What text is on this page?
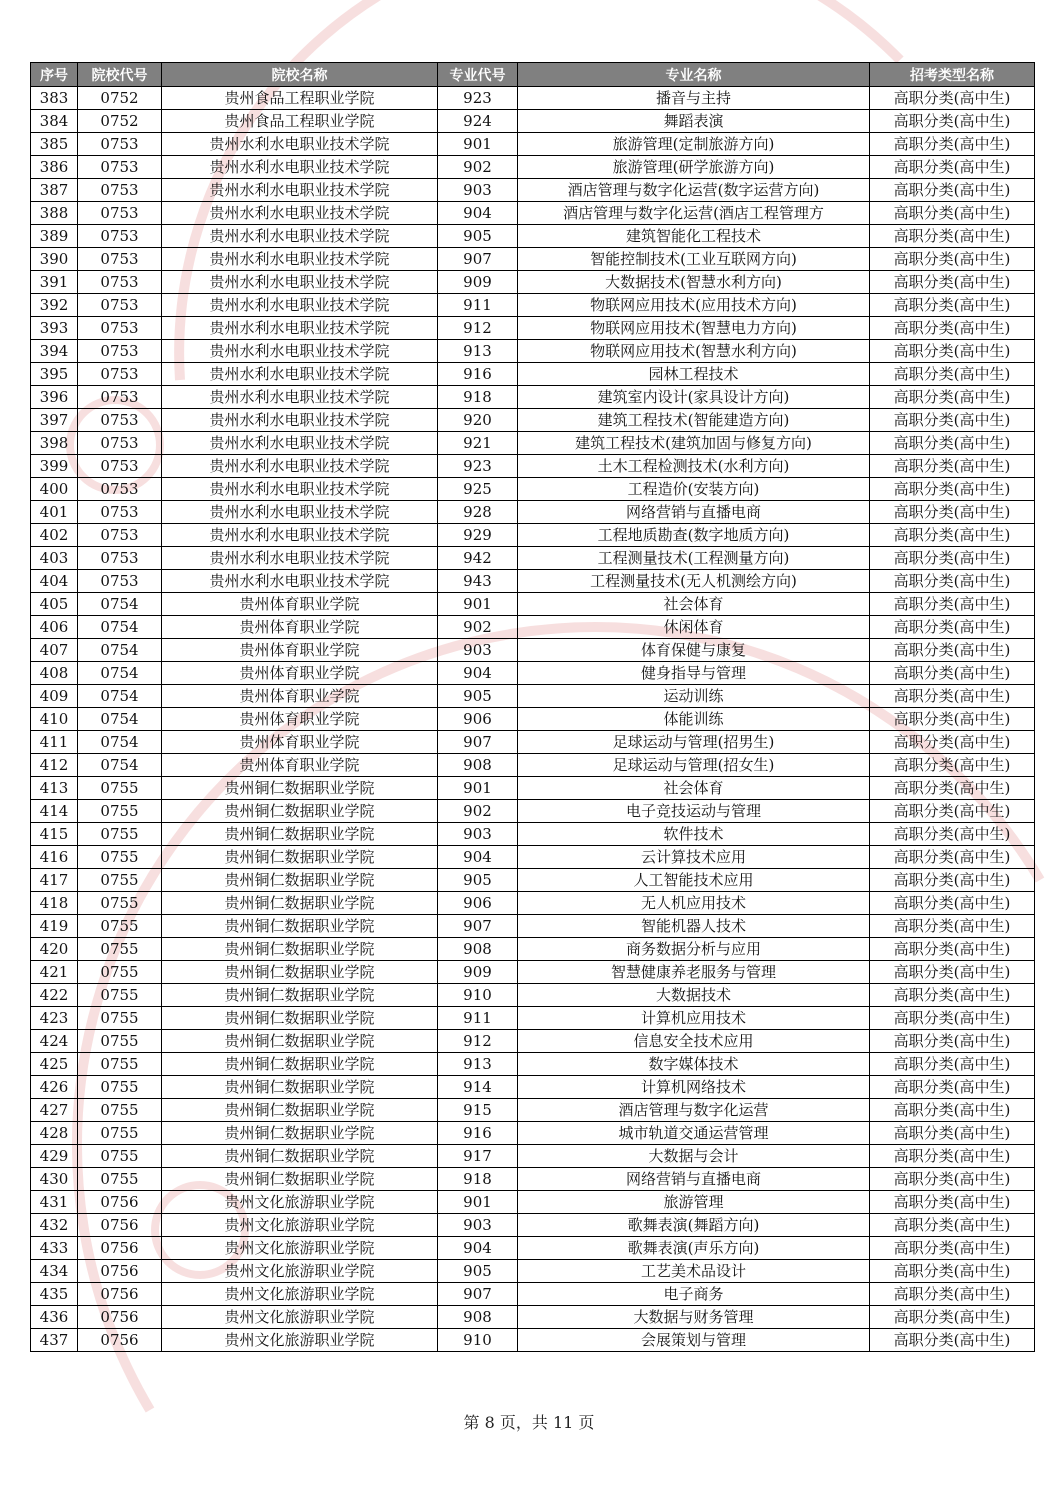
序号	院校代号	院校名称	专业代号	专业名称	招考类型名称
383	0752	贵州食品工程职业学院	923	播音与主持	高职分类(高中生)
384	0752	贵州食品工程职业学院	924	舞蹈表演	高职分类(高中生)
385	0753	贵州水利水电职业技术学院	901	旅游管理(定制旅游方向)	高职分类(高中生)
386	0753	贵州水利水电职业技术学院	902	旅游管理(研学旅游方向)	高职分类(高中生)
387	0753	贵州水利水电职业技术学院	903	酒店管理与数字化运营(数字运营方向)	高职分类(高中生)
388	0753	贵州水利水电职业技术学院	904	酒店管理与数字化运营(酒店工程管理方	高职分类(高中生)
389	0753	贵州水利水电职业技术学院	905	建筑智能化工程技术	高职分类(高中生)
390	0753	贵州水利水电职业技术学院	907	智能控制技术(工业互联网方向)	高职分类(高中生)
391	0753	贵州水利水电职业技术学院	909	大数据技术(智慧水利方向)	高职分类(高中生)
392	0753	贵州水利水电职业技术学院	911	物联网应用技术(应用技术方向)	高职分类(高中生)
393	0753	贵州水利水电职业技术学院	912	物联网应用技术(智慧电力方向)	高职分类(高中生)
394	0753	贵州水利水电职业技术学院	913	物联网应用技术(智慧水利方向)	高职分类(高中生)
395	0753	贵州水利水电职业技术学院	916	园林工程技术	高职分类(高中生)
396	0753	贵州水利水电职业技术学院	918	建筑室内设计(家具设计方向)	高职分类(高中生)
397	0753	贵州水利水电职业技术学院	920	建筑工程技术(智能建造方向)	高职分类(高中生)
398	0753	贵州水利水电职业技术学院	921	建筑工程技术(建筑加固与修复方向)	高职分类(高中生)
399	0753	贵州水利水电职业技术学院	923	土木工程检测技术(水利方向)	高职分类(高中生)
400	0753	贵州水利水电职业技术学院	925	工程造价(安装方向)	高职分类(高中生)
401	0753	贵州水利水电职业技术学院	928	网络营销与直播电商	高职分类(高中生)
402	0753	贵州水利水电职业技术学院	929	工程地质勘查(数字地质方向)	高职分类(高中生)
403	0753	贵州水利水电职业技术学院	942	工程测量技术(工程测量方向)	高职分类(高中生)
404	0753	贵州水利水电职业技术学院	943	工程测量技术(无人机测绘方向)	高职分类(高中生)
405	0754	贵州体育职业学院	901	社会体育	高职分类(高中生)
406	0754	贵州体育职业学院	902	休闲体育	高职分类(高中生)
407	0754	贵州体育职业学院	903	体育保健与康复	高职分类(高中生)
408	0754	贵州体育职业学院	904	健身指导与管理	高职分类(高中生)
409	0754	贵州体育职业学院	905	运动训练	高职分类(高中生)
410	0754	贵州体育职业学院	906	体能训练	高职分类(高中生)
411	0754	贵州体育职业学院	907	足球运动与管理(招男生)	高职分类(高中生)
412	0754	贵州体育职业学院	908	足球运动与管理(招女生)	高职分类(高中生)
413	0755	贵州铜仁数据职业学院	901	社会体育	高职分类(高中生)
414	0755	贵州铜仁数据职业学院	902	电子竞技运动与管理	高职分类(高中生)
415	0755	贵州铜仁数据职业学院	903	软件技术	高职分类(高中生)
416	0755	贵州铜仁数据职业学院	904	云计算技术应用	高职分类(高中生)
417	0755	贵州铜仁数据职业学院	905	人工智能技术应用	高职分类(高中生)
418	0755	贵州铜仁数据职业学院	906	无人机应用技术	高职分类(高中生)
419	0755	贵州铜仁数据职业学院	907	智能机器人技术	高职分类(高中生)
420	0755	贵州铜仁数据职业学院	908	商务数据分析与应用	高职分类(高中生)
421	0755	贵州铜仁数据职业学院	909	智慧健康养老服务与管理	高职分类(高中生)
422	0755	贵州铜仁数据职业学院	910	大数据技术	高职分类(高中生)
423	0755	贵州铜仁数据职业学院	911	计算机应用技术	高职分类(高中生)
424	0755	贵州铜仁数据职业学院	912	信息安全技术应用	高职分类(高中生)
425	0755	贵州铜仁数据职业学院	913	数字媒体技术	高职分类(高中生)
426	0755	贵州铜仁数据职业学院	914	计算机网络技术	高职分类(高中生)
427	0755	贵州铜仁数据职业学院	915	酒店管理与数字化运营	高职分类(高中生)
428	0755	贵州铜仁数据职业学院	916	城市轨道交通运营管理	高职分类(高中生)
429	0755	贵州铜仁数据职业学院	917	大数据与会计	高职分类(高中生)
430	0755	贵州铜仁数据职业学院	918	网络营销与直播电商	高职分类(高中生)
431	0756	贵州文化旅游职业学院	901	旅游管理	高职分类(高中生)
432	0756	贵州文化旅游职业学院	903	歌舞表演(舞蹈方向)	高职分类(高中生)
433	0756	贵州文化旅游职业学院	904	歌舞表演(声乐方向)	高职分类(高中生)
434	0756	贵州文化旅游职业学院	905	工艺美术品设计	高职分类(高中生)
435	0756	贵州文化旅游职业学院	907	电子商务	高职分类(高中生)
436	0756	贵州文化旅游职业学院	908	大数据与财务管理	高职分类(高中生)
437	0756	贵州文化旅游职业学院	910	会展策划与管理	高职分类(高中生)
第 8 页，共 11 页
